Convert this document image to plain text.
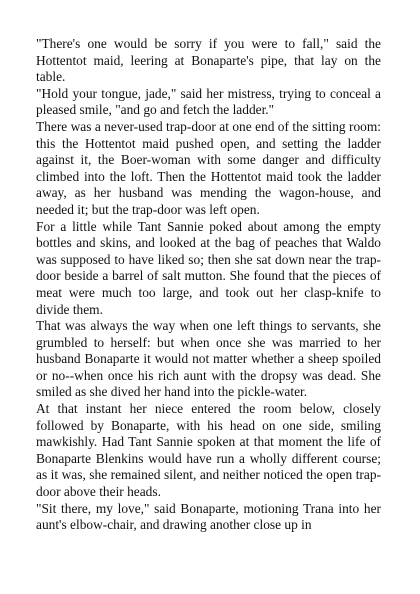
"There's one would be sorry if you were to fall," said the Hottentot maid, leering at Bonaparte's pipe, that lay on the table.

"Hold your tongue, jade," said her mistress, trying to conceal a pleased smile, "and go and fetch the ladder."

There was a never-used trap-door at one end of the sitting room: this the Hottentot maid pushed open, and setting the ladder against it, the Boer-woman with some danger and difficulty climbed into the loft. Then the Hottentot maid took the ladder away, as her husband was mending the wagon-house, and needed it; but the trap-door was left open.

For a little while Tant Sannie poked about among the empty bottles and skins, and looked at the bag of peaches that Waldo was supposed to have liked so; then she sat down near the trap-door beside a barrel of salt mutton. She found that the pieces of meat were much too large, and took out her clasp-knife to divide them.

That was always the way when one left things to servants, she grumbled to herself: but when once she was married to her husband Bonaparte it would not matter whether a sheep spoiled or no--when once his rich aunt with the dropsy was dead. She smiled as she dived her hand into the pickle-water.

At that instant her niece entered the room below, closely followed by Bonaparte, with his head on one side, smiling mawkishly. Had Tant Sannie spoken at that moment the life of Bonaparte Blenkins would have run a wholly different course; as it was, she remained silent, and neither noticed the open trap-door above their heads.

"Sit there, my love," said Bonaparte, motioning Trana into her aunt's elbow-chair, and drawing another close up in
